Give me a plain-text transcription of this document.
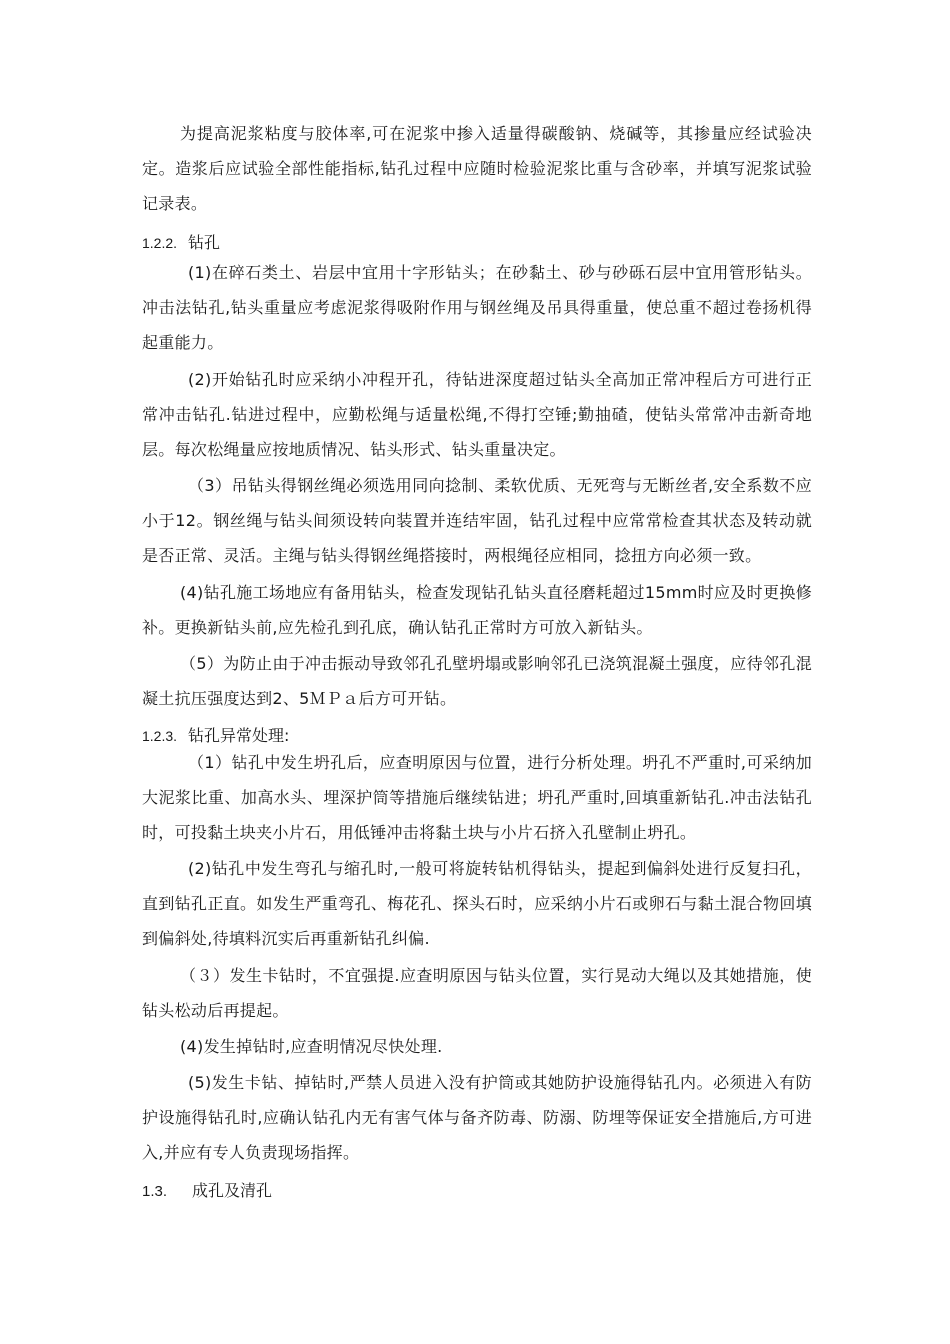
为提高泥浆粘度与胶体率,可在泥浆中掺入适量得碳酸钠、烧碱等，其掺量应经试验决定。造浆后应试验全部性能指标,钻孔过程中应随时检验泥浆比重与含砂率，并填写泥浆试验记录表。

1.2.2. 钻孔

(1)在碎石类土、岩层中宜用十字形钻头；在砂黏土、砂与砂砾石层中宜用管形钻头。冲击法钻孔,钻头重量应考虑泥浆得吸附作用与钢丝绳及吊具得重量，使总重不超过卷扬机得起重能力。

(2)开始钻孔时应采纳小冲程开孔，待钻进深度超过钻头全高加正常冲程后方可进行正常冲击钻孔.钻进过程中，应勤松绳与适量松绳,不得打空锤;勤抽碴，使钻头常常冲击新奇地层。每次松绳量应按地质情况、钻头形式、钻头重量决定。

（3）吊钻头得钢丝绳必须选用同向捻制、柔软优质、无死弯与无断丝者,安全系数不应小于12。钢丝绳与钻头间须设转向装置并连结牢固，钻孔过程中应常常检查其状态及转动就是否正常、灵活。主绳与钻头得钢丝绳搭接时，两根绳径应相同，捻扭方向必须一致。

(4)钻孔施工场地应有备用钻头，检查发现钻孔钻头直径磨耗超过15mm时应及时更换修补。更换新钻头前,应先检孔到孔底，确认钻孔正常时方可放入新钻头。

（5）为防止由于冲击振动导致邻孔孔壁坍塌或影响邻孔已浇筑混凝土强度，应待邻孔混凝土抗压强度达到2、5ＭＰａ后方可开钻。

1.2.3. 钻孔异常处理:

（1）钻孔中发生坍孔后，应查明原因与位置，进行分析处理。坍孔不严重时,可采纳加大泥浆比重、加高水头、埋深护筒等措施后继续钻进；坍孔严重时,回填重新钻孔.冲击法钻孔时，可投黏土块夹小片石，用低锤冲击将黏土块与小片石挤入孔壁制止坍孔。

(2)钻孔中发生弯孔与缩孔时,一般可将旋转钻机得钻头，提起到偏斜处进行反复扫孔，直到钻孔正直。如发生严重弯孔、梅花孔、探头石时，应采纳小片石或卵石与黏土混合物回填到偏斜处,待填料沉实后再重新钻孔纠偏.

（３）发生卡钻时，不宜强提.应查明原因与钻头位置，实行晃动大绳以及其她措施，使钻头松动后再提起。

(4)发生掉钻时,应查明情况尽快处理.

(5)发生卡钻、掉钻时,严禁人员进入没有护筒或其她防护设施得钻孔内。必须进入有防护设施得钻孔时,应确认钻孔内无有害气体与备齐防毒、防溺、防埋等保证安全措施后,方可进入,并应有专人负责现场指挥。

1.3. 成孔及清孔
